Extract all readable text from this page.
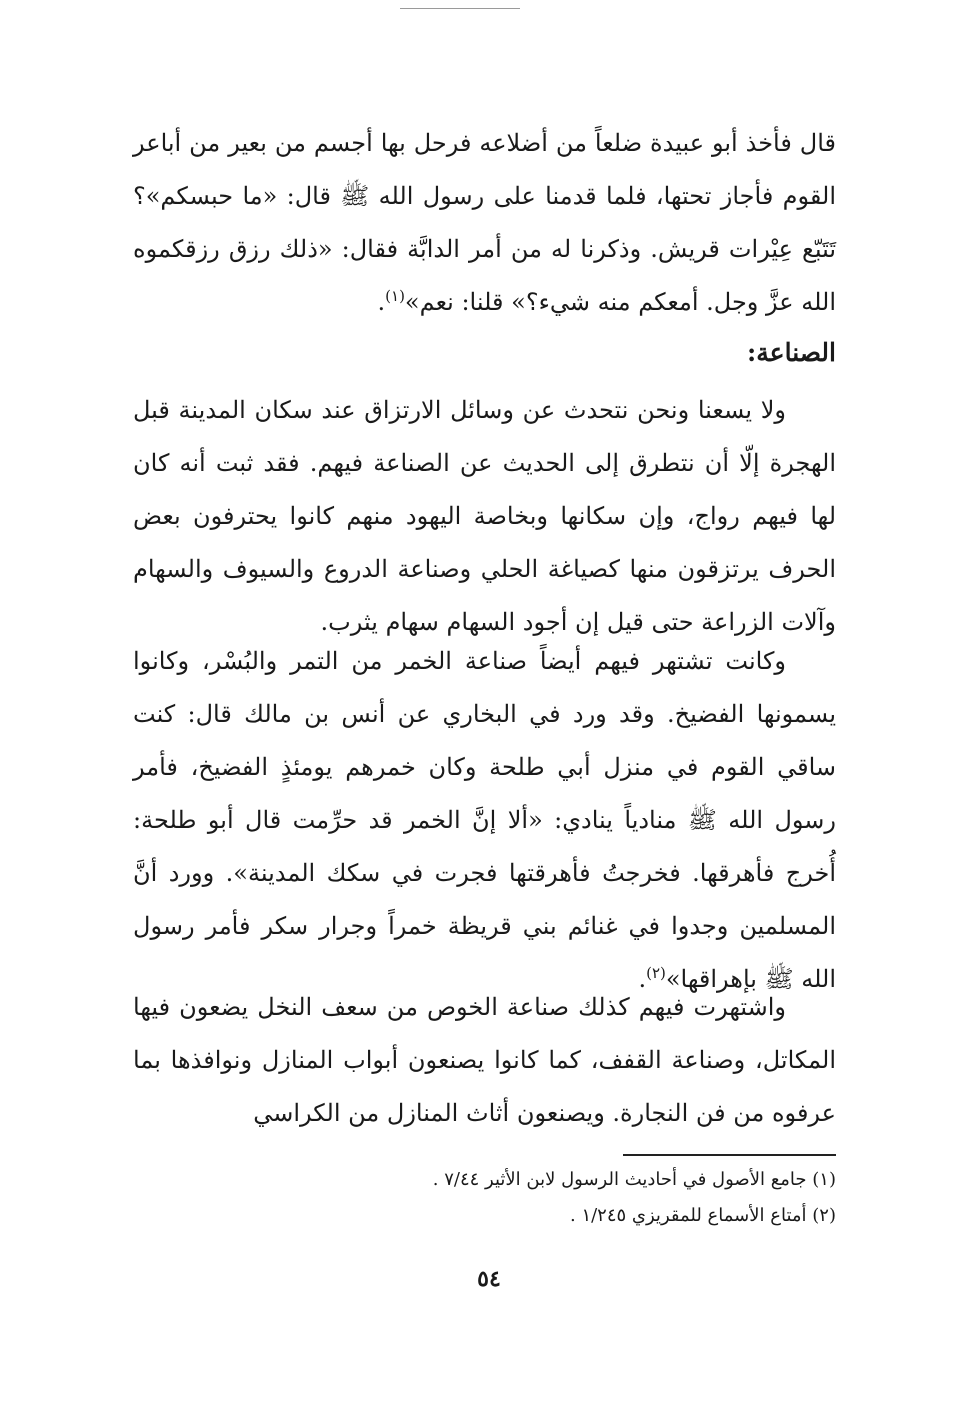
قال فأخذ أبو عبيدة ضلعاً من أضلاعه فرحل بها أجسم من بعير من أباعر القوم فأجاز تحتها، فلما قدمنا على رسول الله ﷺ قال: «ما حبسكم»؟ تَتَبّع عِيْرات قريش. وذكرنا له من أمر الدابَّة فقال: «ذلك رزق رزقكموه الله عزَّ وجل. أمعكم منه شيء؟» قلنا: نعم»$^{(١)}$.

الصناعة:

ولا يسعنا ونحن نتحدث عن وسائل الارتزاق عند سكان المدينة قبل الهجرة إلّا أن نتطرق إلى الحديث عن الصناعة فيهم. فقد ثبت أنه كان لها فيهم رواج، وإن سكانها وبخاصة اليهود منهم كانوا يحترفون بعض الحرف يرتزقون منها كصياغة الحلي وصناعة الدروع والسيوف والسهام وآلات الزراعة حتى قيل إن أجود السهام سهام يثرب.

وكانت تشتهر فيهم أيضاً صناعة الخمر من التمر والبُسْر، وكانوا يسمونها الفضيخ. وقد ورد في البخاري عن أنس بن مالك قال: كنت ساقي القوم في منزل أبي طلحة وكان خمرهم يومئذٍ الفضيخ، فأمر رسول الله ﷺ منادياً ينادي: «ألا إنَّ الخمر قد حرِّمت قال أبو طلحة: أُخرج فأهرقها. فخرجتُ فأهرقتها فجرت في سكك المدينة». وورد أنَّ المسلمين وجدوا في غنائم بني قريظة خمراً وجرار سكر فأمر رسول الله ﷺ بإهراقها»$^{(٢)}$.

واشتهرت فيهم كذلك صناعة الخوص من سعف النخل يضعون فيها المكاتل، وصناعة القفف، كما كانوا يصنعون أبواب المنازل ونوافذها بما عرفوه من فن النجارة. ويصنعون أثاث المنازل من الكراسي

(١) جامع الأصول في أحاديث الرسول لابن الأثير ٧/٤٤ .
(٢) أمتاع الأسماع للمقريزي ١/٢٤٥ .
٥٤
